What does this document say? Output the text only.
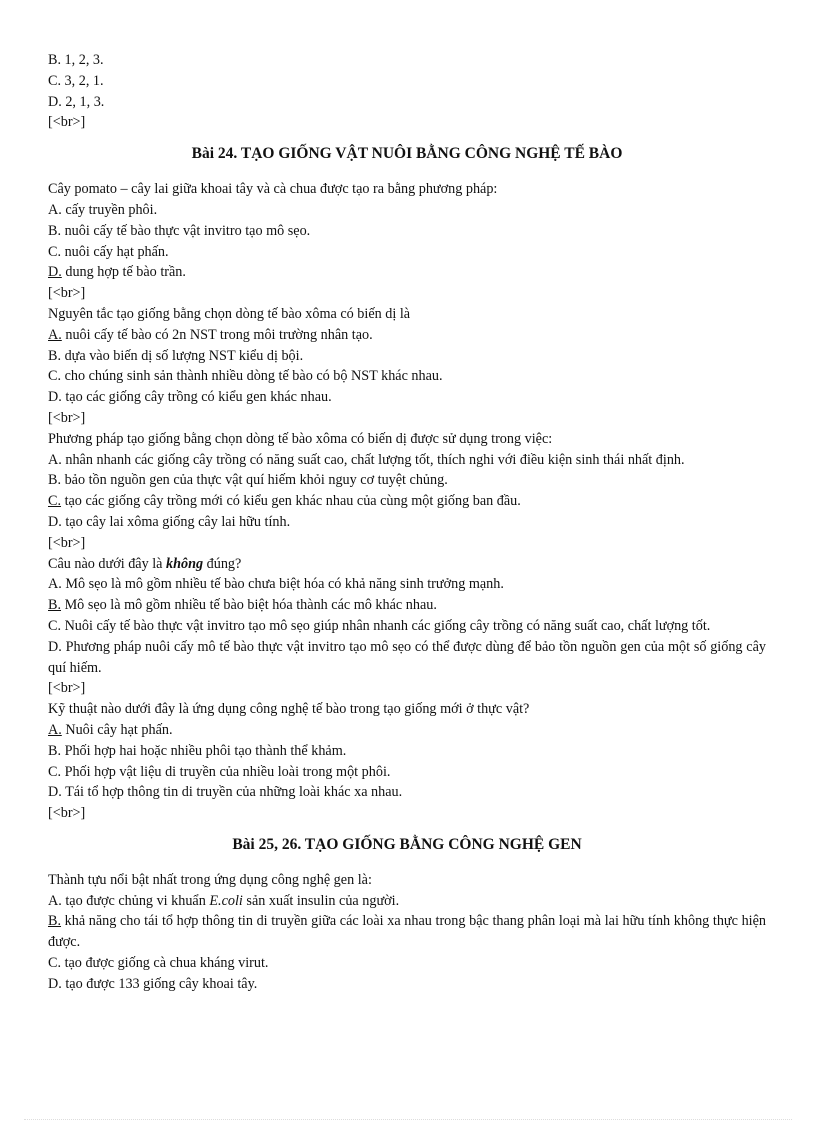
B. 1, 2, 3.
C. 3, 2, 1.
D. 2, 1, 3.
[<br>]
Bài 24. TẠO GIỐNG VẬT NUÔI BẰNG CÔNG NGHỆ TẾ BÀO
Cây pomato – cây lai giữa khoai tây và cà chua được tạo ra bằng phương pháp:
A. cấy truyền phôi.
B. nuôi cấy tế bào thực vật invitro tạo mô sẹo.
C. nuôi cấy hạt phấn.
D. dung hợp tế bào trần.
[<br>]
Nguyên tắc tạo giống bằng chọn dòng tế bào xôma có biến dị là
A. nuôi cấy tế bào có 2n NST trong môi trường nhân tạo.
B. dựa vào biến dị số lượng NST kiểu dị bội.
C. cho chúng sinh sản thành nhiều dòng tế bào có bộ NST khác nhau.
D. tạo các giống cây trồng có kiểu gen khác nhau.
[<br>]
Phương pháp tạo giống bằng chọn dòng tế bào xôma có biến dị được sử dụng trong việc:
A. nhân nhanh các giống cây trồng có năng suất cao, chất lượng tốt, thích nghi với điều kiện sinh thái nhất định.
B. bảo tồn nguồn gen của thực vật quí hiếm khỏi nguy cơ tuyệt chủng.
C. tạo các giống cây trồng mới có kiểu gen khác nhau của cùng một giống ban đầu.
D. tạo cây lai xôma giống cây lai hữu tính.
[<br>]
Câu nào dưới đây là không đúng?
A. Mô sẹo là mô gồm nhiều tế bào chưa biệt hóa có khả năng sinh trưởng mạnh.
B. Mô sẹo là mô gồm nhiều tế bào biệt hóa thành các mô khác nhau.
C. Nuôi cấy tế bào thực vật invitro tạo mô sẹo giúp nhân nhanh các giống cây trồng có năng suất cao, chất lượng tốt.
D. Phương pháp nuôi cấy mô tế bào thực vật invitro tạo mô sẹo có thể được dùng để bảo tồn nguồn gen của một số giống cây quí hiếm.
[<br>]
Kỹ thuật nào dưới đây là ứng dụng công nghệ tế bào trong tạo giống mới ở thực vật?
A. Nuôi cây hạt phấn.
B. Phối hợp hai hoặc nhiều phôi tạo thành thể khảm.
C. Phối hợp vật liệu di truyền của nhiều loài trong một phôi.
D. Tái tổ hợp thông tin di truyền của những loài khác xa nhau.
[<br>]
Bài 25, 26. TẠO GIỐNG BẰNG CÔNG NGHỆ GEN
Thành tựu nổi bật nhất trong ứng dụng công nghệ gen là:
A. tạo được chủng vi khuẩn E.coli sản xuất insulin của người.
B. khả năng cho tái tổ hợp thông tin di truyền giữa các loài xa nhau trong bậc thang phân loại mà lai hữu tính không thực hiện được.
C. tạo được giống cà chua kháng virut.
D. tạo được 133 giống cây khoai tây.
